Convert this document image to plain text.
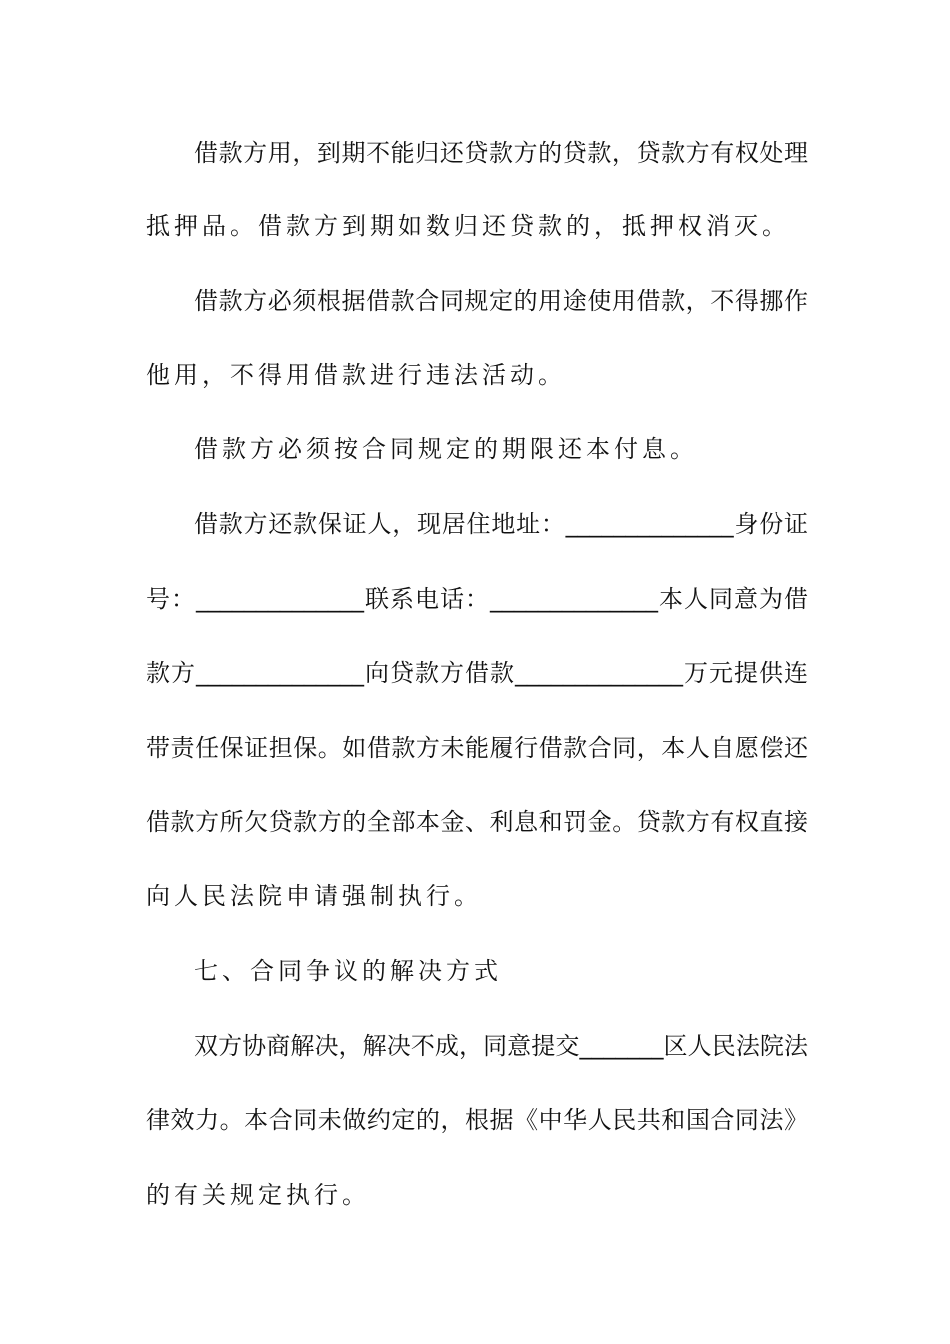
借款方用，到期不能归还贷款方的贷款，贷款方有权处理
抵押品。借款方到期如数归还贷款的，抵押权消灭。
借款方必须根据借款合同规定的用途使用借款，不得挪作
他用，不得用借款进行违法活动。
借款方必须按合同规定的期限还本付息。
借款方还款保证人，现居住地址：______________身份证
号：______________联系电话：______________本人同意为借
款方______________向贷款方借款______________万元提供连
带责任保证担保。如借款方未能履行借款合同，本人自愿偿还
借款方所欠贷款方的全部本金、利息和罚金。贷款方有权直接
向人民法院申请强制执行。
七、合同争议的解决方式
双方协商解决，解决不成，同意提交_______区人民法院法
律效力。本合同未做约定的，根据《中华人民共和国合同法》
的有关规定执行。
